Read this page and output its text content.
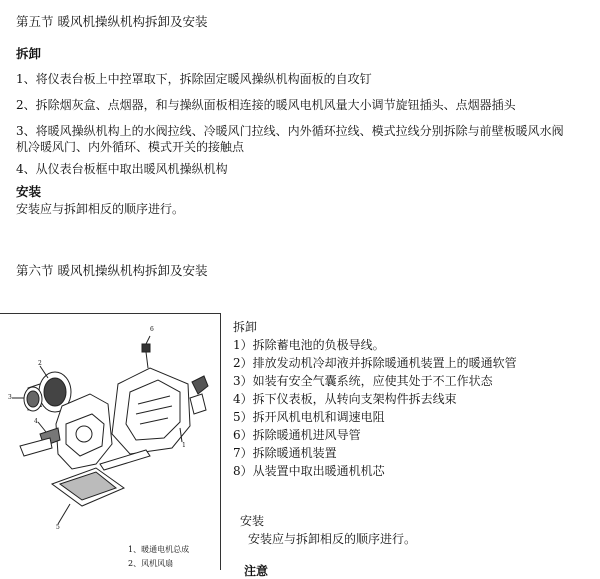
第五节 暖风机操纵机构拆卸及安装
拆卸
1、将仪表台板上中控罩取下，拆除固定暖风操纵机构面板的自攻钉
2、拆除烟灰盒、点烟器，和与操纵面板相连接的暖风电机风量大小调节旋钮插头、点烟器插头
3、将暖风操纵机构上的水阀拉线、冷暖风门拉线、内外循环拉线、模式拉线分别拆除与前壁板暖风水阀
机冷暖风门、内外循环、模式开关的接触点
4、从仪表台板框中取出暖风机操纵机构
安装
安装应与拆卸相反的顺序进行。
第六节 暖风机操纵机构拆卸及安装
6
2
3
4
1
5
1、暖通电机总成
2、风机风扇
拆卸
1）拆除蓄电池的负极导线。
2）排放发动机冷却液并拆除暖通机装置上的暖通软管
3）如装有安全气囊系统，应使其处于不工作状态
4）拆下仪表板，从转向支架构件拆去线束
5）拆开风机电机和调速电阻
6）拆除暖通机进风导管
7）拆除暖通机装置
8）从装置中取出暖通机机芯
安装
安装应与拆卸相反的顺序进行。
注意
